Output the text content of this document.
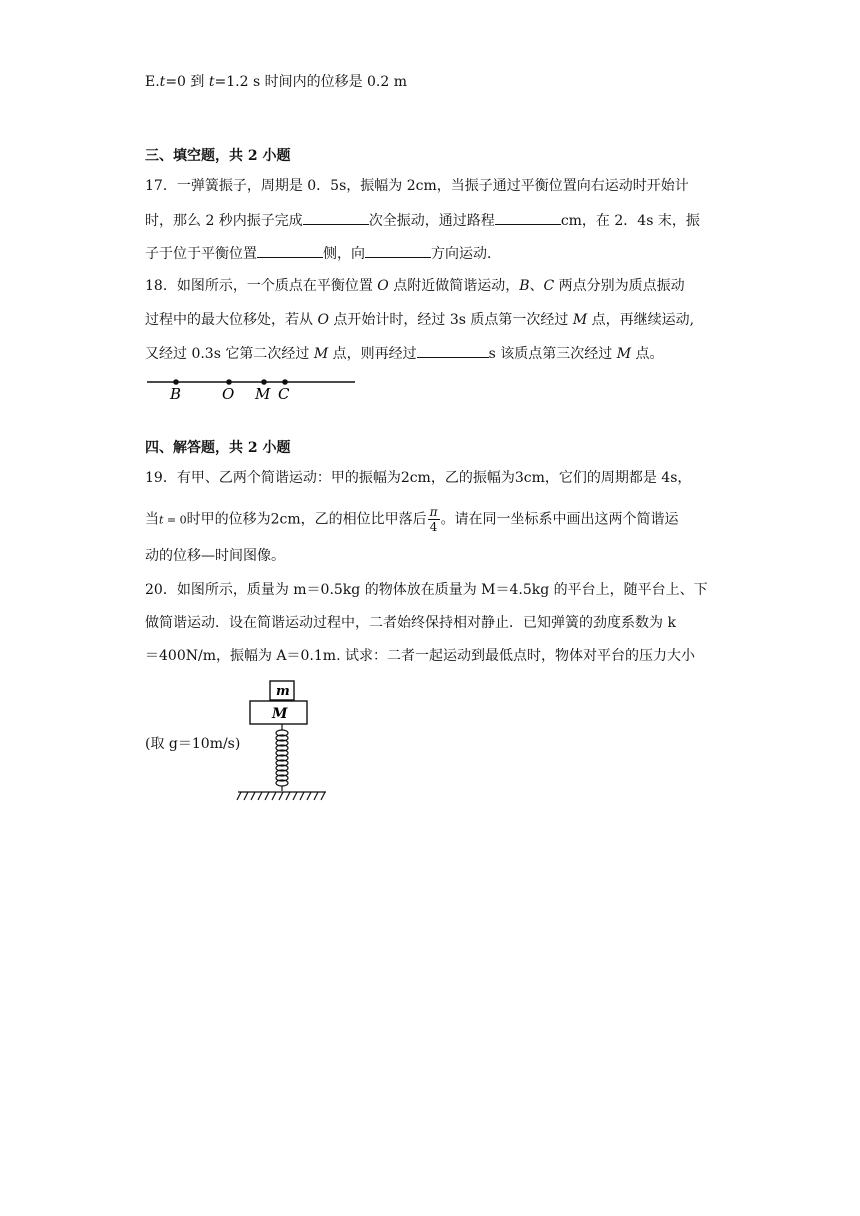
E.t=0 到 t=1.2 s 时间内的位移是 0.2 m
三、填空题，共 2 小题
17．一弹簧振子，周期是 0．5s，振幅为 2cm，当振子通过平衡位置向右运动时开始计
时，那么 2 秒内振子完成	次全振动，通过路程	cm，在 2．4s 末，振
子于位于平衡位置	侧，向	方向运动．
18．如图所示，一个质点在平衡位置 O 点附近做简谐运动，B、C 两点分别为质点振动
过程中的最大位移处，若从 O 点开始计时，经过 3s 质点第一次经过 M 点，再继续运动,
又经过 0.3s 它第二次经过 M 点，则再经过	s 该质点第三次经过 M 点。
B	O M C
四、解答题，共 2 小题
19．有甲、乙两个简谐运动：甲的振幅为2cm，乙的振幅为3cm，它们的周期都是 4s，
当t = 0时甲的位移为2cm，乙的相位比甲落后 $\frac{\pi}{4}$ 。请在同一坐标系中画出这两个简谐运
动的位移—时间图像。
20．如图所示，质量为 m＝0.5kg 的物体放在质量为 M＝4.5kg 的平台上，随平台上、下
做简谐运动．设在简谐运动过程中，二者始终保持相对静止．已知弹簧的劲度系数为 k
＝400N/m，振幅为 A＝0.1m. 试求：二者一起运动到最低点时，物体对平台的压力大小
(取 g＝10m/s)
m
M
